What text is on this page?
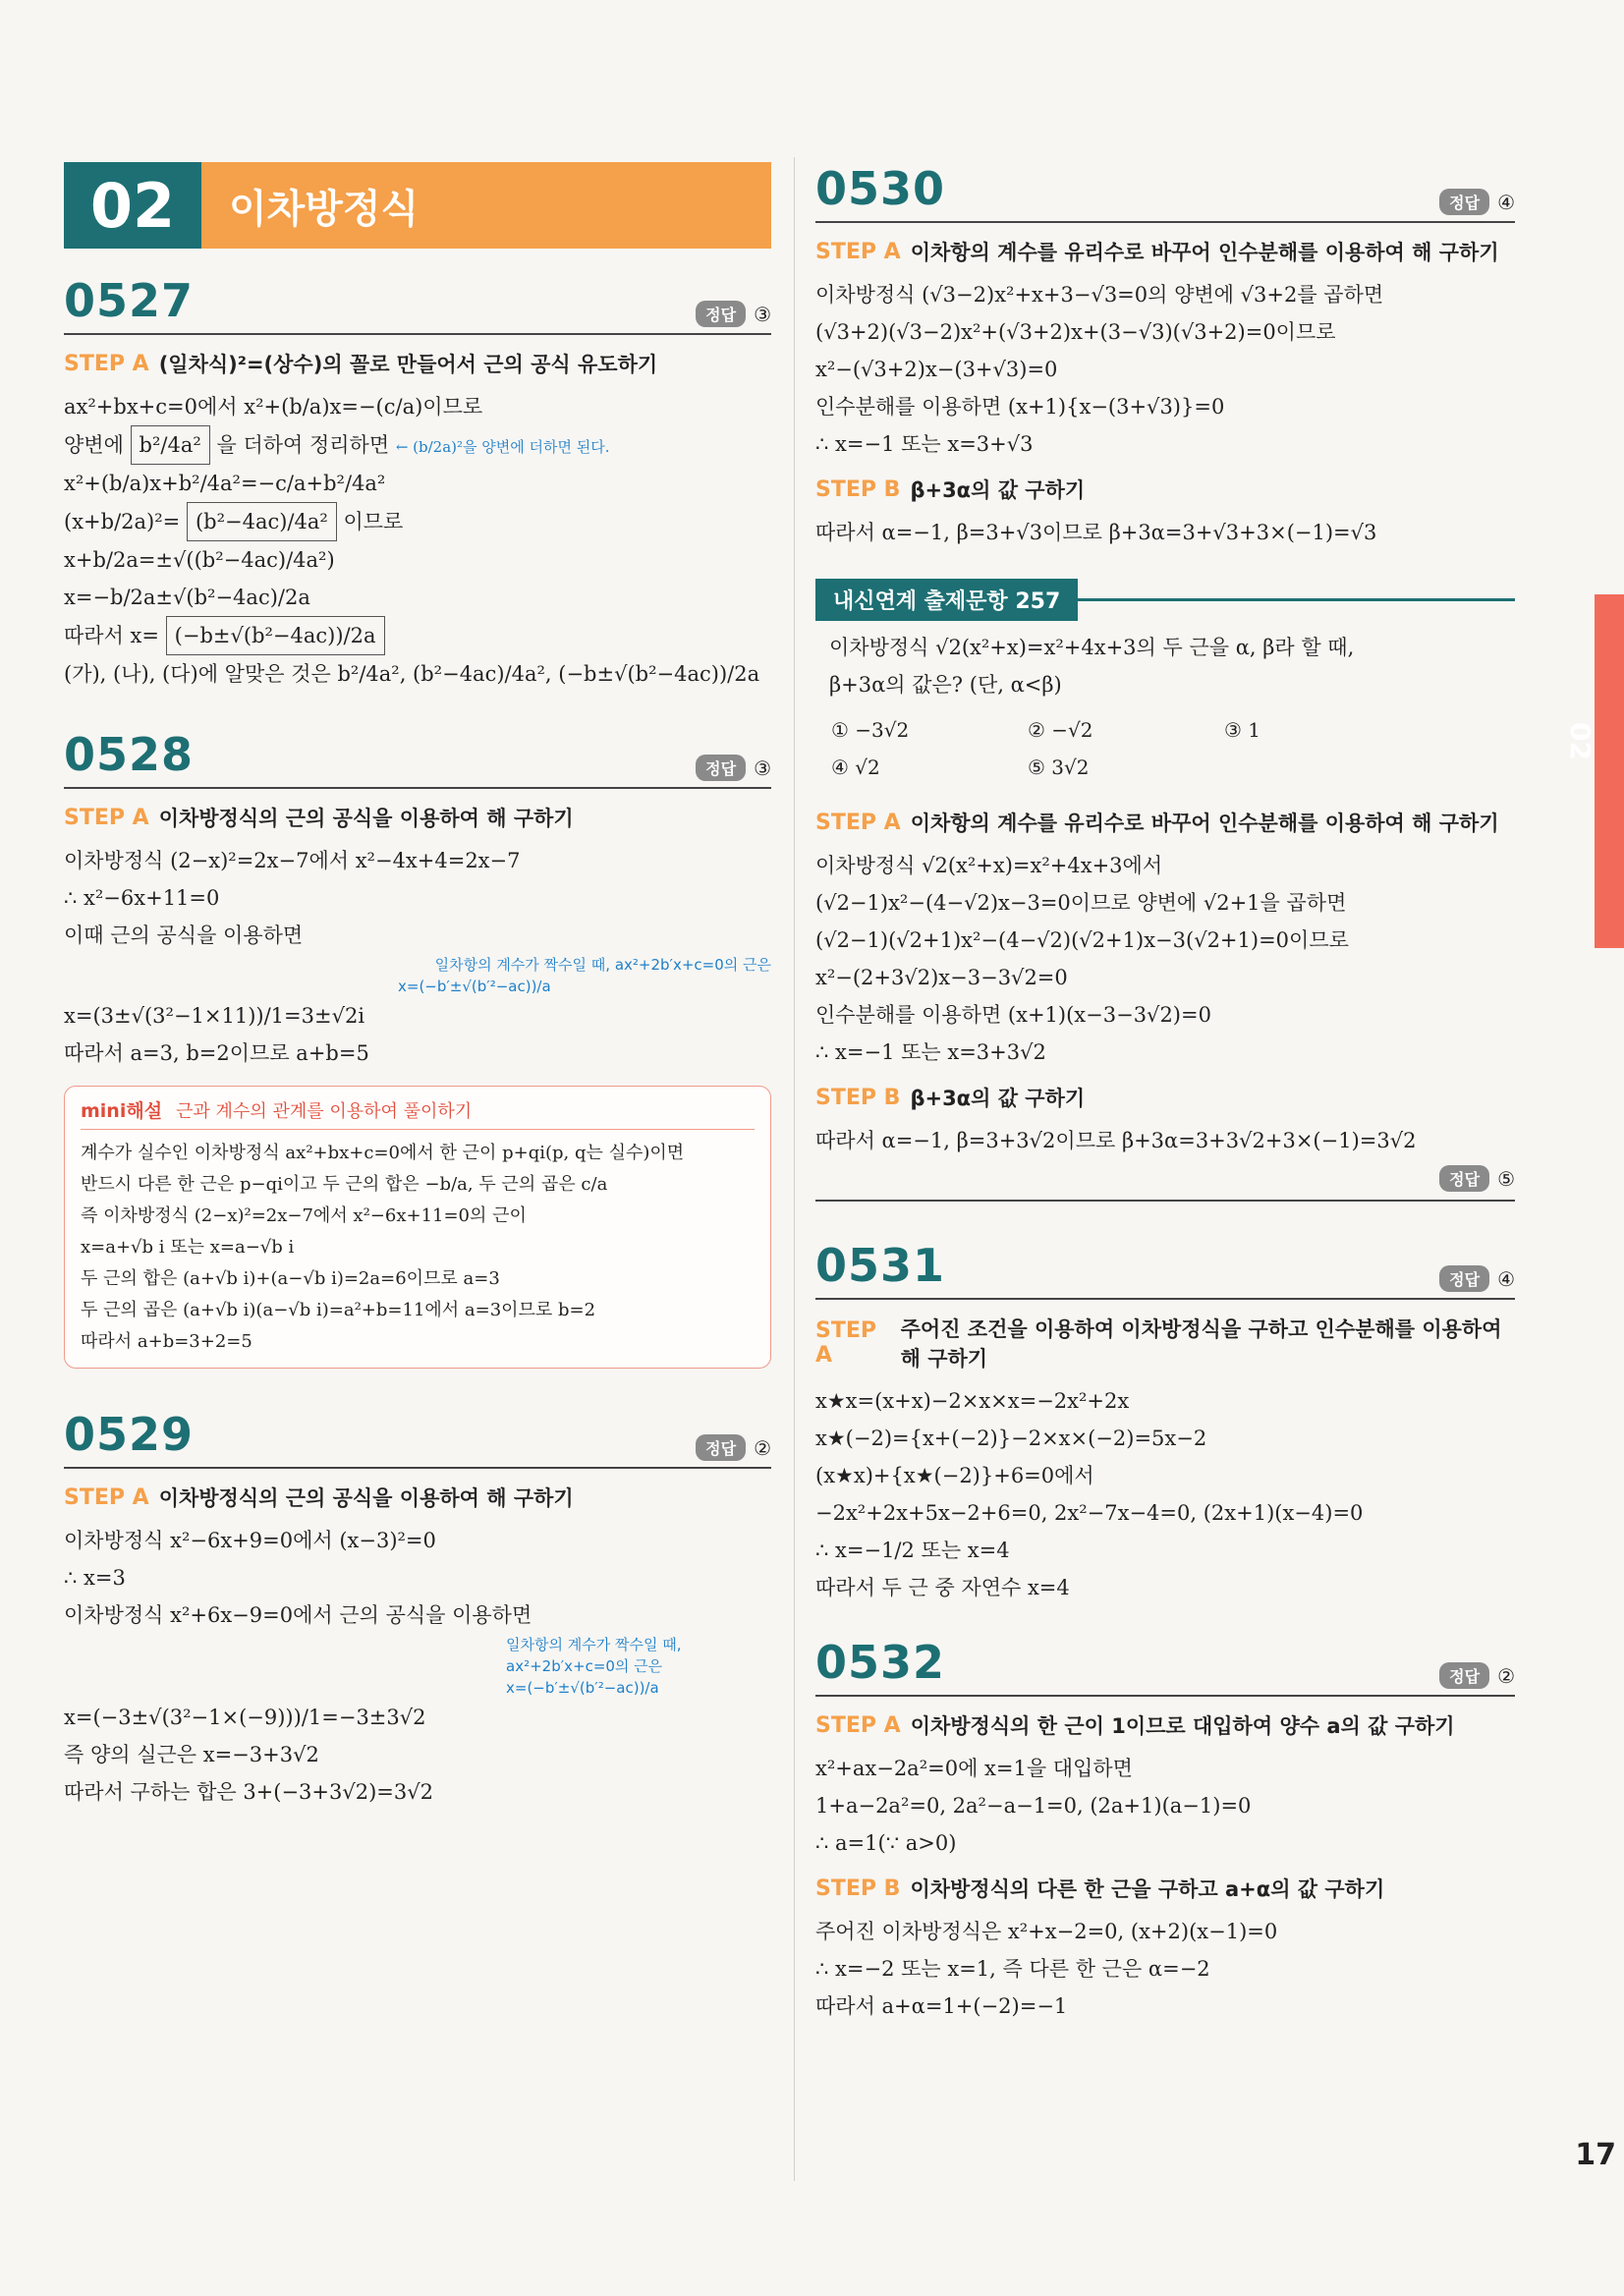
02	이차방정식
0527	정답 ③
STEP A (일차식)²=(상수)의 꼴로 만들어서 근의 공식 유도하기
ax²+bx+c=0에서 x²+(b/a)x=−(c/a)이므로
양변에 b²/4a² 을 더하여 정리하면 ← (b/2a)²을 양변에 더하면 된다.
x²+(b/a)x+b²/4a²=−c/a+b²/4a²
(x+b/2a)²= (b²−4ac)/4a² 이므로
x+b/2a=±√((b²−4ac)/4a²)
x=−b/2a±√(b²−4ac)/2a
따라서 x= (−b±√(b²−4ac))/2a
(가), (나), (다)에 알맞은 것은 b²/4a², (b²−4ac)/4a², (−b±√(b²−4ac))/2a
0528	정답 ③
STEP A 이차방정식의 근의 공식을 이용하여 해 구하기
이차방정식 (2−x)²=2x−7에서 x²−4x+4=2x−7
∴ x²−6x+11=0
이때 근의 공식을 이용하면
일차항의 계수가 짝수일 때, ax²+2b′x+c=0의 근은
x=(−b′±√(b′²−ac))/a
x=(3±√(3²−1×11))/1=3±√2i
따라서 a=3, b=2이므로 a+b=5
mini해설 근과 계수의 관계를 이용하여 풀이하기
계수가 실수인 이차방정식 ax²+bx+c=0에서 한 근이 p+qi(p, q는 실수)이면
반드시 다른 한 근은 p−qi이고 두 근의 합은 −b/a, 두 근의 곱은 c/a
즉 이차방정식 (2−x)²=2x−7에서 x²−6x+11=0의 근이
x=a+√b i 또는 x=a−√b i
두 근의 합은 (a+√b i)+(a−√b i)=2a=6이므로 a=3
두 근의 곱은 (a+√b i)(a−√b i)=a²+b=11에서 a=3이므로 b=2
따라서 a+b=3+2=5
0529	정답 ②
STEP A 이차방정식의 근의 공식을 이용하여 해 구하기
이차방정식 x²−6x+9=0에서 (x−3)²=0
∴ x=3
이차방정식 x²+6x−9=0에서 근의 공식을 이용하면
일차항의 계수가 짝수일 때,
ax²+2b′x+c=0의 근은
x=(−b′±√(b′²−ac))/a
x=(−3±√(3²−1×(−9)))/1=−3±3√2
즉 양의 실근은 x=−3+3√2
따라서 구하는 합은 3+(−3+3√2)=3√2
0530	정답 ④
STEP A 이차항의 계수를 유리수로 바꾸어 인수분해를 이용하여 해 구하기
이차방정식 (√3−2)x²+x+3−√3=0의 양변에 √3+2를 곱하면
(√3+2)(√3−2)x²+(√3+2)x+(3−√3)(√3+2)=0이므로
x²−(√3+2)x−(3+√3)=0
인수분해를 이용하면 (x+1){x−(3+√3)}=0
∴ x=−1 또는 x=3+√3
STEP B β+3α의 값 구하기
따라서 α=−1, β=3+√3이므로 β+3α=3+√3+3×(−1)=√3
내신연계 출제문항 257
이차방정식 √2(x²+x)=x²+4x+3의 두 근을 α, β라 할 때,
β+3α의 값은? (단, α<β)
① −3√2	② −√2	③ 1
④ √2	⑤ 3√2
STEP A 이차항의 계수를 유리수로 바꾸어 인수분해를 이용하여 해 구하기
이차방정식 √2(x²+x)=x²+4x+3에서
(√2−1)x²−(4−√2)x−3=0이므로 양변에 √2+1을 곱하면
(√2−1)(√2+1)x²−(4−√2)(√2+1)x−3(√2+1)=0이므로
x²−(2+3√2)x−3−3√2=0
인수분해를 이용하면 (x+1)(x−3−3√2)=0
∴ x=−1 또는 x=3+3√2
STEP B β+3α의 값 구하기
따라서 α=−1, β=3+3√2이므로 β+3α=3+3√2+3×(−1)=3√2
정답 ⑤
0531	정답 ④
STEP A
주어진 조건을 이용하여 이차방정식을 구하고 인수분해를 이용하여 해 구하기
x★x=(x+x)−2×x×x=−2x²+2x
x★(−2)={x+(−2)}−2×x×(−2)=5x−2
(x★x)+{x★(−2)}+6=0에서
−2x²+2x+5x−2+6=0, 2x²−7x−4=0, (2x+1)(x−4)=0
∴ x=−1/2 또는 x=4
따라서 두 근 중 자연수 x=4
0532	정답 ②
STEP A 이차방정식의 한 근이 1이므로 대입하여 양수 a의 값 구하기
x²+ax−2a²=0에 x=1을 대입하면
1+a−2a²=0, 2a²−a−1=0, (2a+1)(a−1)=0
∴ a=1(∵ a>0)
STEP B 이차방정식의 다른 한 근을 구하고 a+α의 값 구하기
주어진 이차방정식은 x²+x−2=0, (x+2)(x−1)=0
∴ x=−2 또는 x=1, 즉 다른 한 근은 α=−2
따라서 a+α=1+(−2)=−1
02
17
